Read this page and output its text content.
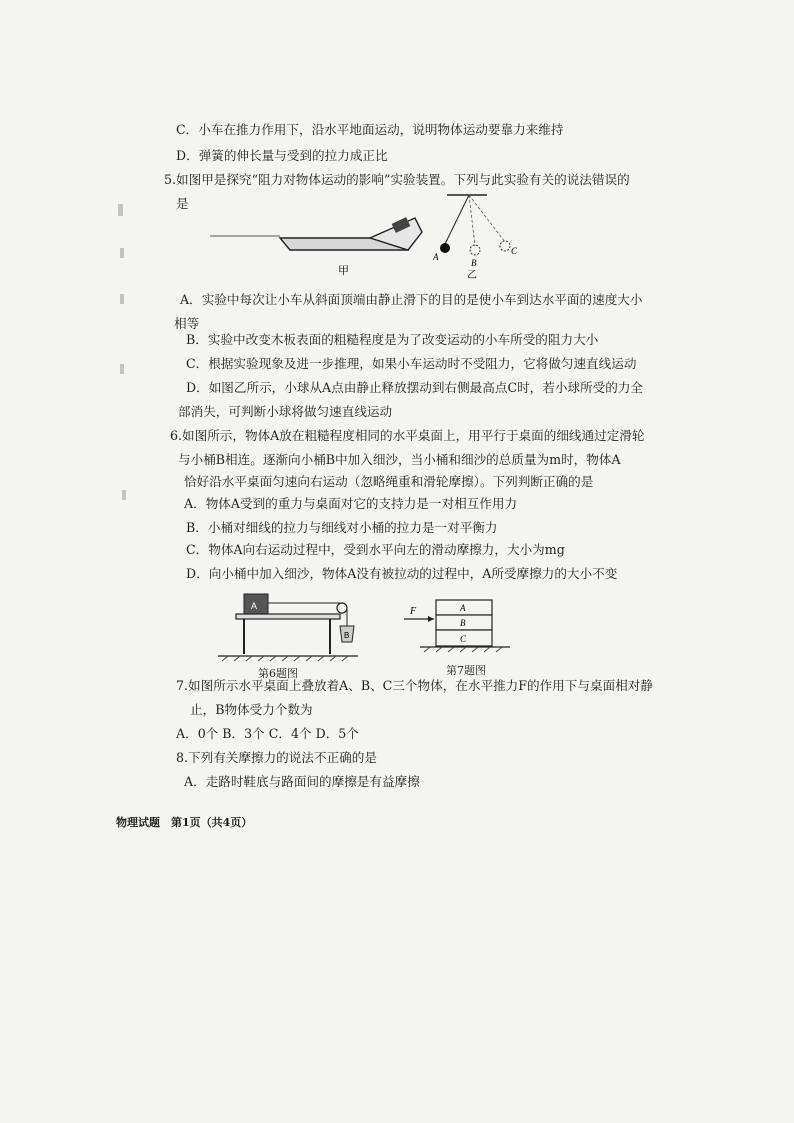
C．小车在推力作用下，沿水平地面运动，说明物体运动要靠力来维持
D．弹簧的伸长量与受到的拉力成正比
5.如图甲是探究“阻力对物体运动的影响”实验装置。下列与此实验有关的说法错误的
是
甲
A
B
C
乙
A．实验中每次让小车从斜面顶端由静止滑下的目的是使小车到达水平面的速度大小
相等
B．实验中改变木板表面的粗糙程度是为了改变运动的小车所受的阻力大小
C．根据实验现象及进一步推理，如果小车运动时不受阻力，它将做匀速直线运动
D．如图乙所示，小球从A点由静止释放摆动到右侧最高点C时，若小球所受的力全
部消失，可判断小球将做匀速直线运动
6.如图所示，物体A放在粗糙程度相同的水平桌面上，用平行于桌面的细线通过定滑轮
与小桶B相连。逐渐向小桶B中加入细沙，当小桶和细沙的总质量为m时，物体A
恰好沿水平桌面匀速向右运动（忽略绳重和滑轮摩擦）。下列判断正确的是
A．物体A受到的重力与桌面对它的支持力是一对相互作用力
B．小桶对细线的拉力与细线对小桶的拉力是一对平衡力
C．物体A向右运动过程中，受到水平向左的滑动摩擦力，大小为mg
D．向小桶中加入细沙，物体A没有被拉动的过程中，A所受摩擦力的大小不变
A
B
第6题图
F	A
B
C
第7题图
7.如图所示水平桌面上叠放着A、B、C三个物体，在水平推力F的作用下与桌面相对静
止，B物体受力个数为
A．0个 B．3个 C．4个 D．5个
8.下列有关摩擦力的说法不正确的是
A．走路时鞋底与路面间的摩擦是有益摩擦
物理试题　第1页（共4页）
